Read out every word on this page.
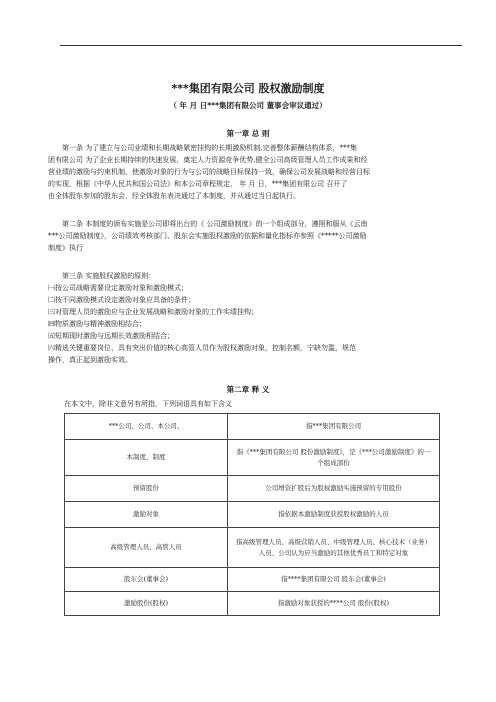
***集团有限公司 股权激励制度
（ 年 月 日***集团有限公司 董事会审议通过）
第一章 总 则

第一条 为了建立与公司业绩和长期战略紧密挂钩的长期激励机制,完善整体薪酬结构体系，***集

团有限公司 为了企业长期持续的快速发展，奠定人力资源竞争优势,健全公司高级管理人员工作成果和经

营业绩的激励与约束机制，使激励对象的行为与公司的战略目标保持一致，确保公司发展战略和经营目标

的实现，根据《中华人民共和国公司法》和本公司章程规定， 年 月 日，***集团有限公司 召开了

由全体股东参加的股东会，经全体股东表决通过了本制度，并从通过当日起执行。

第二条 本制度的颁布实施是公司即将出台的《 公司激励制度》的一个组成部分，遵照和服从《云南

***公司激励制度》，公司绩效考核部门、股东会实施股权激励的依据和量化指标亦参照《*****公司激励

制度》执行

第三条 实施股权激励的原则：

㈠按公司战略需要设定激励对象和激励模式；

㈡按不同激励模式设定激励对象应具备的条件；

㈢对管理人员的激励应与企业发展战略和激励对象的工作实绩挂钩；

㈣物质激励与精神激励相结合；

㈤短期现时激励与远期长效激励相结合；

㈥精选关键重要岗位、具有突出价值的核心高管人员作为股权激励对象，控制名额，宁缺勿滥，规范

操作，真正起到激励实效。

第二章 释 义

在本文中，除非文意另有所指，下列词语具有如下含义

***公司、公司、本公司、	指***集团有限公司
本制度、制度	指《***集团有限公司 股份激励制度》，是《***公司激励制度》的一个组成部份
预留股份	公司增资扩股后为股权激励实施预留的专用股份
激励对象	指依据本激励制度获授股权激励的人员
高级管理人员、高管人员	指高级管理人员、高级营销人员、中级管理人员、核心技术（业务）人员、公司认为应当激励的其他优秀员工和特定对象
股东会(董事会)	指****集团有限公司 股东会(董事会)
激励股份(股权)	指激励对象获授的****公司 股份(股权)
